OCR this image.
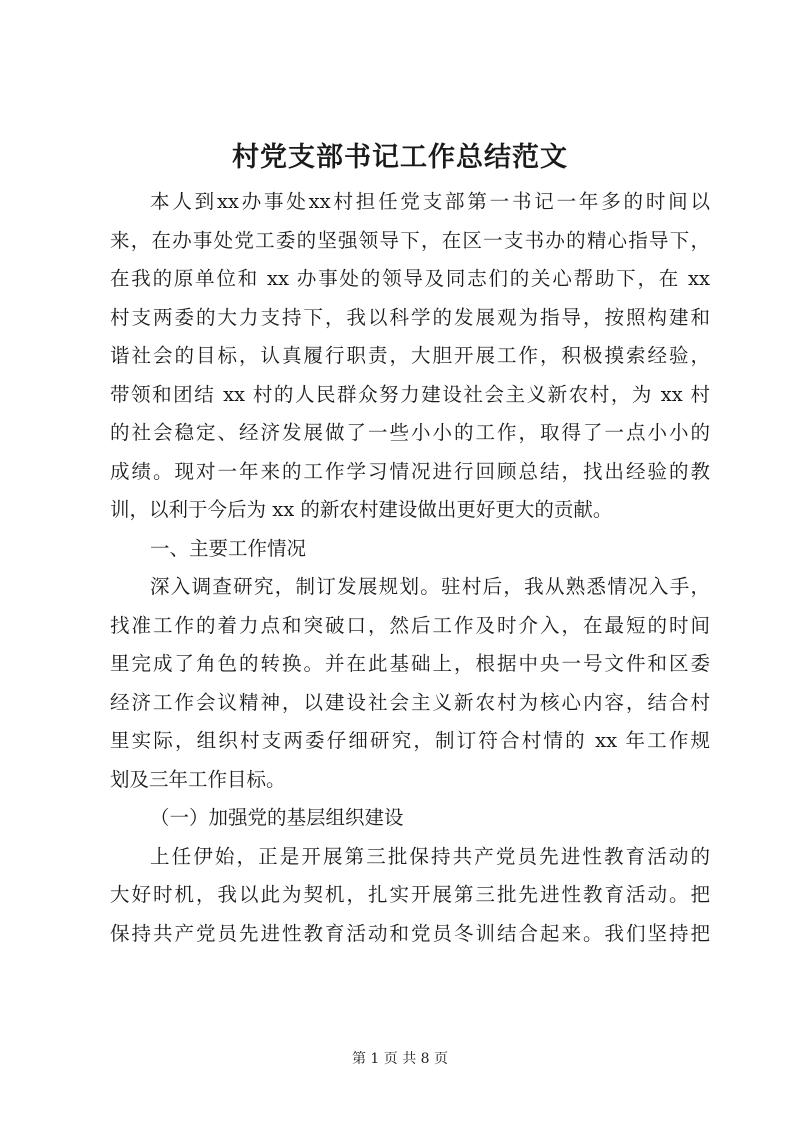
村党支部书记工作总结范文
本人到xx办事处xx村担任党支部第一书记一年多的时间以
来，在办事处党工委的坚强领导下，在区一支书办的精心指导下，
在我的原单位和 xx 办事处的领导及同志们的关心帮助下，在 xx
村支两委的大力支持下，我以科学的发展观为指导，按照构建和
谐社会的目标，认真履行职责，大胆开展工作，积极摸索经验，
带领和团结 xx 村的人民群众努力建设社会主义新农村，为 xx 村
的社会稳定、经济发展做了一些小小的工作，取得了一点小小的
成绩。现对一年来的工作学习情况进行回顾总结，找出经验的教
训，以利于今后为 xx 的新农村建设做出更好更大的贡献。
一、主要工作情况
深入调查研究，制订发展规划。驻村后，我从熟悉情况入手，
找准工作的着力点和突破口，然后工作及时介入，在最短的时间
里完成了角色的转换。并在此基础上，根据中央一号文件和区委
经济工作会议精神，以建设社会主义新农村为核心内容，结合村
里实际，组织村支两委仔细研究，制订符合村情的 xx 年工作规
划及三年工作目标。
（一）加强党的基层组织建设
上任伊始，正是开展第三批保持共产党员先进性教育活动的
大好时机，我以此为契机，扎实开展第三批先进性教育活动。把
保持共产党员先进性教育活动和党员冬训结合起来。我们坚持把
第 1 页 共 8 页
